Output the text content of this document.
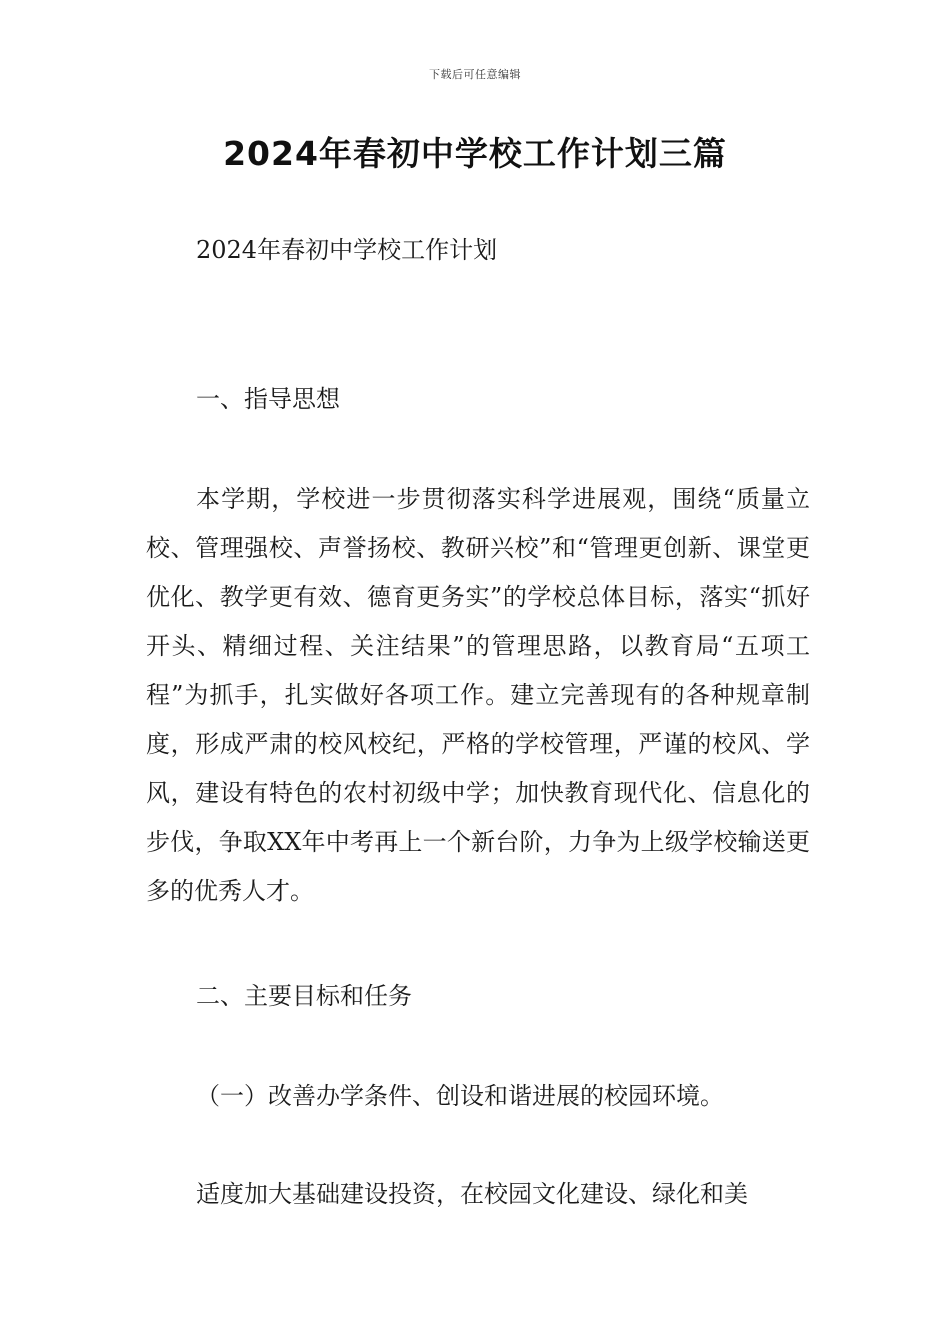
下载后可任意编辑
2024年春初中学校工作计划三篇

2024年春初中学校工作计划

一、指导思想

本学期，学校进一步贯彻落实科学进展观，围绕“质量立校、管理强校、声誉扬校、教研兴校”和“管理更创新、课堂更优化、教学更有效、德育更务实”的学校总体目标，落实“抓好开头、精细过程、关注结果”的管理思路，以教育局“五项工程”为抓手，扎实做好各项工作。建立完善现有的各种规章制度，形成严肃的校风校纪，严格的学校管理，严谨的校风、学风，建设有特色的农村初级中学；加快教育现代化、信息化的步伐，争取XX年中考再上一个新台阶，力争为上级学校输送更多的优秀人才。

二、主要目标和任务

（一）改善办学条件、创设和谐进展的校园环境。

适度加大基础建设投资，在校园文化建设、绿化和美
